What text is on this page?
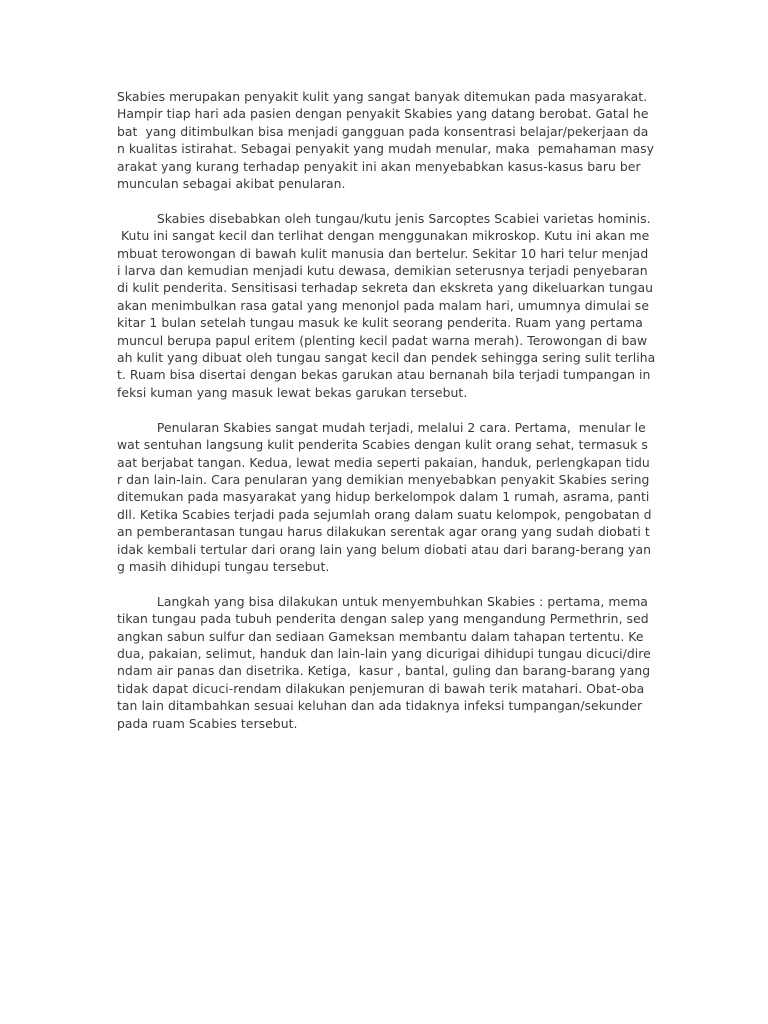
Skabies merupakan penyakit kulit yang sangat banyak ditemukan pada masyarakat.
Hampir tiap hari ada pasien dengan penyakit Skabies yang datang berobat. Gatal he
bat  yang ditimbulkan bisa menjadi gangguan pada konsentrasi belajar/pekerjaan da
n kualitas istirahat. Sebagai penyakit yang mudah menular, maka  pemahaman masy
arakat yang kurang terhadap penyakit ini akan menyebabkan kasus-kasus baru ber
munculan sebagai akibat penularan.

Skabies disebabkan oleh tungau/kutu jenis Sarcoptes Scabiei varietas hominis.
Kutu ini sangat kecil dan terlihat dengan menggunakan mikroskop. Kutu ini akan me
mbuat terowongan di bawah kulit manusia dan bertelur. Sekitar 10 hari telur menjad
i larva dan kemudian menjadi kutu dewasa, demikian seterusnya terjadi penyebaran
di kulit penderita. Sensitisasi terhadap sekreta dan ekskreta yang dikeluarkan tungau
akan menimbulkan rasa gatal yang menonjol pada malam hari, umumnya dimulai se
kitar 1 bulan setelah tungau masuk ke kulit seorang penderita. Ruam yang pertama
muncul berupa papul eritem (plenting kecil padat warna merah). Terowongan di baw
ah kulit yang dibuat oleh tungau sangat kecil dan pendek sehingga sering sulit terliha
t. Ruam bisa disertai dengan bekas garukan atau bernanah bila terjadi tumpangan in
feksi kuman yang masuk lewat bekas garukan tersebut.

Penularan Skabies sangat mudah terjadi, melalui 2 cara. Pertama,  menular le
wat sentuhan langsung kulit penderita Scabies dengan kulit orang sehat, termasuk s
aat berjabat tangan. Kedua, lewat media seperti pakaian, handuk, perlengkapan tidu
r dan lain-lain. Cara penularan yang demikian menyebabkan penyakit Skabies sering
ditemukan pada masyarakat yang hidup berkelompok dalam 1 rumah, asrama, panti
dll. Ketika Scabies terjadi pada sejumlah orang dalam suatu kelompok, pengobatan d
an pemberantasan tungau harus dilakukan serentak agar orang yang sudah diobati t
idak kembali tertular dari orang lain yang belum diobati atau dari barang-berang yan
g masih dihidupi tungau tersebut.

Langkah yang bisa dilakukan untuk menyembuhkan Skabies : pertama, mema
tikan tungau pada tubuh penderita dengan salep yang mengandung Permethrin, sed
angkan sabun sulfur dan sediaan Gameksan membantu dalam tahapan tertentu. Ke
dua, pakaian, selimut, handuk dan lain-lain yang dicurigai dihidupi tungau dicuci/dire
ndam air panas dan disetrika. Ketiga,  kasur , bantal, guling dan barang-barang yang
tidak dapat dicuci-rendam dilakukan penjemuran di bawah terik matahari. Obat-oba
tan lain ditambahkan sesuai keluhan dan ada tidaknya infeksi tumpangan/sekunder
pada ruam Scabies tersebut.
